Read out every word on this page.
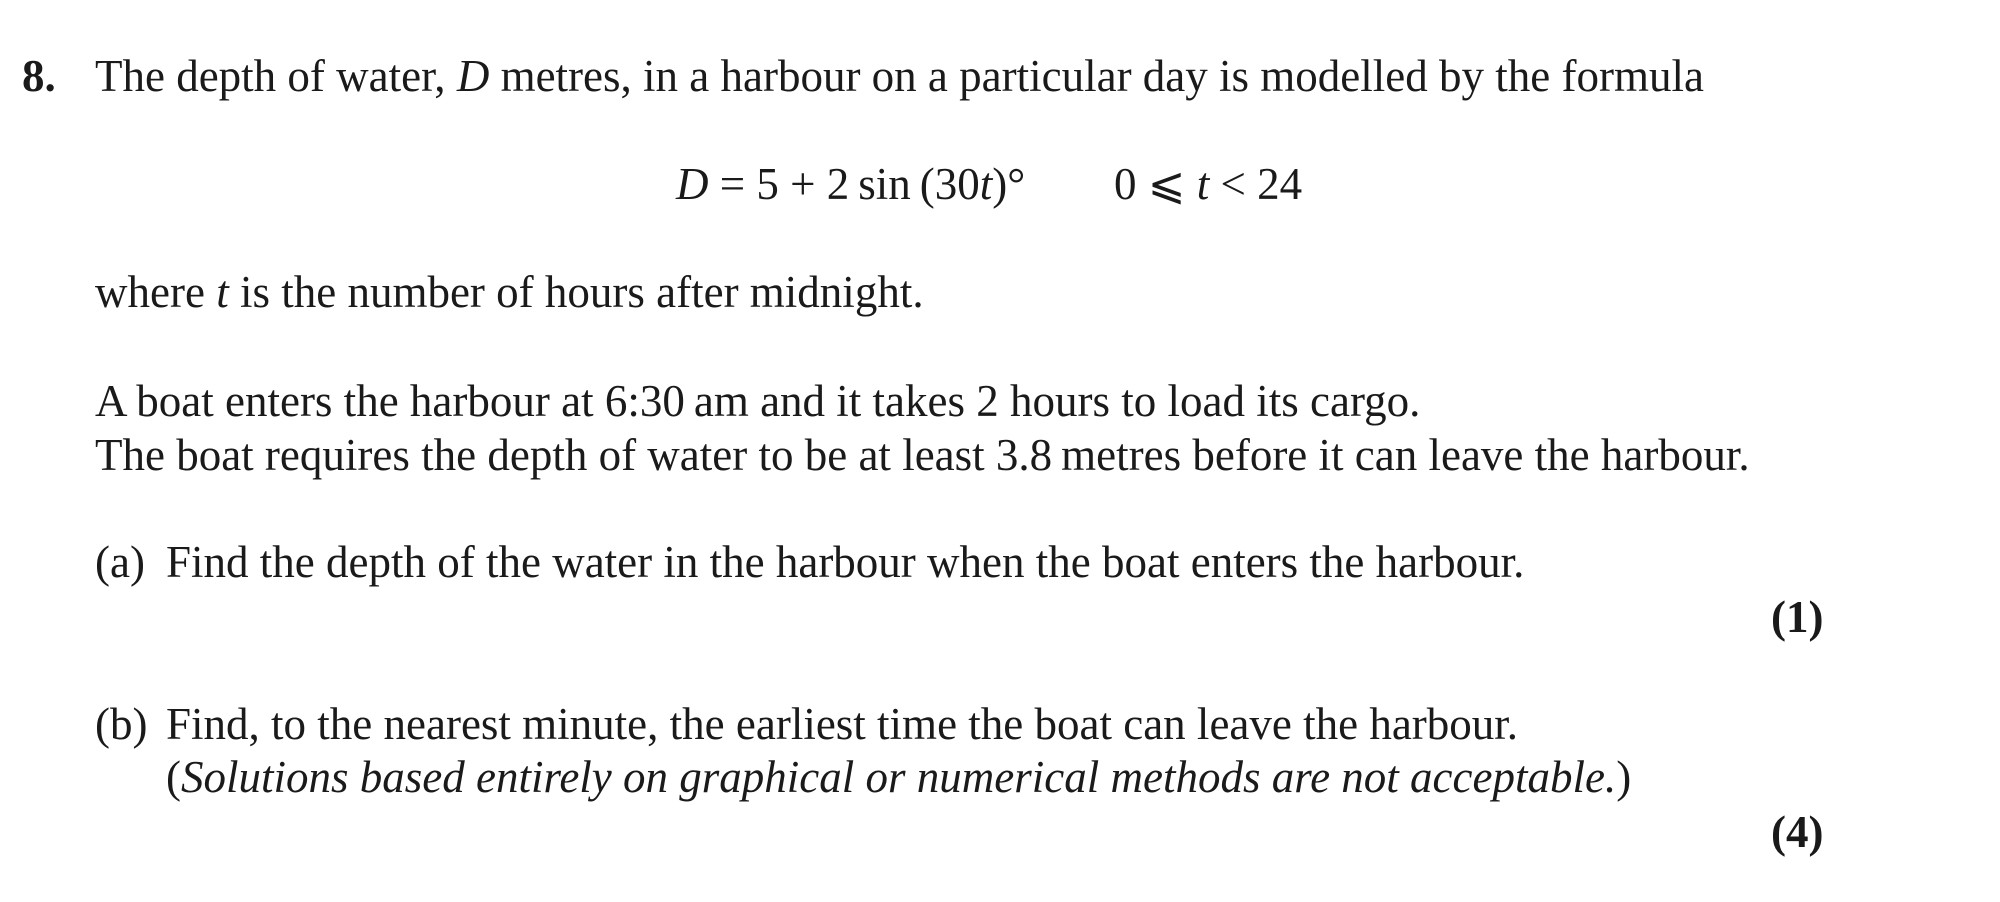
8. The depth of water, D metres, in a harbour on a particular day is modelled by the formula
D = 5 + 2 sin (30t)° 0 ⩽ t < 24
where t is the number of hours after midnight.
A boat enters the harbour at 6:30 am and it takes 2 hours to load its cargo.
The boat requires the depth of water to be at least 3.8 metres before it can leave the harbour.
(a) Find the depth of the water in the harbour when the boat enters the harbour.
(1)
(b) Find, to the nearest minute, the earliest time the boat can leave the harbour.
(Solutions based entirely on graphical or numerical methods are not acceptable.)
(4)
